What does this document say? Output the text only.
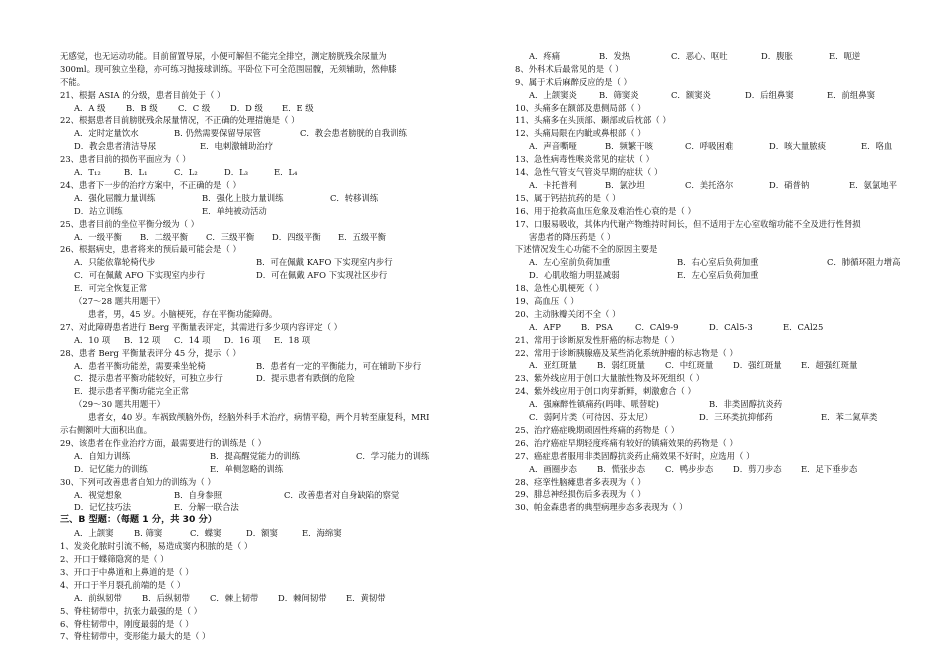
无感觉，也无运动功能。目前留置导尿，小便可解但不能完全排空，测定膀胱残余尿量为
300ml。现可独立坐稳，亦可练习抛接球训练。平卧位下可全范围屈髋，无须辅助，然伸膝
不能。
21、根据 ASIA 的分级，患者目前处于（ ）
A．A 级	B．B 级	C．C 级	D．D 级	E．E 级
22、根据患者目前膀胱残余尿量情况，不正确的处理措施是（ ）
A．定时定量饮水	B. 仍然需要保留导尿管	C．教会患者膀胱的自我训练
D．教会患者清洁导尿	E．电刺激辅助治疗
23、患者目前的损伤平面应为（ ）
A．T₁₂	B．L₁	C．L₂	D．L₃	E．L₄
24、患者下一步的治疗方案中，不正确的是（ ）
A．强化屈髋力量训练	B．强化上肢力量训练	C．转移训练
D．站立训练	E．单纯被动活动
25、患者目前的坐位平衡分级为（ ）
A．一级平衡	B．二级平衡	C．三级平衡	D．四级平衡	E．五级平衡
26、根据病史，患者将来的预后最可能会是（ ）
A．只能依靠轮椅代步	B．可在佩戴 KAFO 下实现室内步行
C．可在佩戴 AFO 下实现室内步行	D．可在佩戴 AFO 下实现社区步行
E．可完全恢复正常
（27～28 题共用题干）
患者，男，45 岁。小脑梗死，存在平衡功能障碍。
27、对此障碍患者进行 Berg 平衡量表评定，其需进行多少项内容评定（ ）
A．10 项	B．12 项	C．14 项	D．16 项	E．18 项
28、患者 Berg 平衡量表评分 45 分，提示（ ）
A．患者平衡功能差，需要乘坐轮椅	B．患者有一定的平衡能力，可在辅助下步行
C．提示患者平衡功能较好，可独立步行	D．提示患者有跌倒的危险
E．提示患者平衡功能完全正常
（29～30 题共用题干）
患者女，40 岁。车祸致颅脑外伤，经脑外科手术治疗，病情平稳，两个月转至康复科，MRI
示右侧额叶大面积出血。
29、该患者在作业治疗方面，最需要进行的训练是（ ）
A．自知力训练	B．提高醒觉能力的训练	C．学习能力的训练
D．记忆能力的训练	E．单侧忽略的训练
30、下列可改善患者自知力的训练为（ ）
A．视觉想象	B．自身参照	C．改善患者对自身缺陷的察觉
D．记忆技巧法	E．分解一联合法
三、B 型题：（每题 1 分，共 30 分）
A．上颌窦	B. 筛窦	C．蝶窦	D．额窦	E．海绵窦
1、发炎化脓时引流不畅，易造成窦内积脓的是（ ）
2、开口于蝶筛隐窝的是（ ）
3、开口于中鼻道和上鼻道的是（ ）
4、开口于半月裂孔前端的是（ ）
A．前纵韧带	B．后纵韧带	C．棘上韧带	D．棘间韧带	E．黄韧带
5、脊柱韧带中，抗张力最强的是（ ）
6、脊柱韧带中，刚度最弱的是（ ）
7、脊柱韧带中，变形能力最大的是（ ）
A．疼痛	B．发热	C．恶心、呕吐	D．腹胀	E．呃逆
8、外科术后最常见的是（ ）
9、属于术后麻醉反应的是（ ）
A．上颌窦炎	B．筛窦炎	C．额窦炎	D．后组鼻窦	E．前组鼻窦
10、头痛多在额部及患侧局部（ ）
11、头痛多在头顶部、颞部或后枕部（ ）
12、头痛局限在内眦或鼻根部（ ）
A．声音嘶哑	B．频繁干咳	C．呼吸困难	D．咳大量脓痰	E．咯血
13、急性病毒性喉炎常见的症状（ ）
14、急性气管支气管炎早期的症状（ ）
A．卡托普利	B．氯沙坦	C．美托洛尔	D．硝普钠	E．氨氯地平
15、属于钙拮抗药的是（ ）
16、用于抢救高血压危象及难治性心衰的是（ ）
17、口服易吸收，其体内代谢产物维持时间长，但不适用于左心室收缩功能不全及进行性肾损
害患者的降压药是（ ）
下述情况发生心功能不全的原因主要是
A．左心室前负荷加重	B．右心室后负荷加重	C．肺循环阻力增高
D．心肌收缩力明显减弱	E．左心室后负荷加重
18、急性心肌梗死（ ）
19、高血压（ ）
20、主动脉瓣关闭不全（ ）
A．AFP	B．PSA	C．CAl9-9	D．CAl5-3	E．CAl25
21、常用于诊断原发性肝癌的标志物是（ ）
22、常用于诊断胰腺癌及某些消化系统肿瘤的标志物是（ ）
A．亚红斑量	B．弱红斑量	C．中红斑量	D．强红斑量	E．超强红斑量
23、紫外线应用于创口大量脓性物及坏死组织（ ）
24、紫外线应用于创口肉芽新鲜，刺激愈合（ ）
A．强麻醉性镇痛药(吗啡、哌替啶)	B．非类固醇抗炎药
C．弱阿片类（可待因、芬太尼）	D．三环类抗抑郁药	E．苯二氮草类
25、治疗癌症晚期顽固性疼痛的药物是（ ）
26、治疗癌症早期轻度疼痛有较好的镇痛效果的药物是（ ）
27、癌症患者服用非类固醇抗炎药止痛效果不好时，应选用（ ）
A．画圈步态	B．慌张步态	C．鸭步步态	D．剪刀步态	E．足下垂步态
28、痉挛性脑瘫患者多表现为（ ）
29、腓总神经损伤后多表现为（ ）
30、帕金森患者的典型病理步态多表现为（ ）
